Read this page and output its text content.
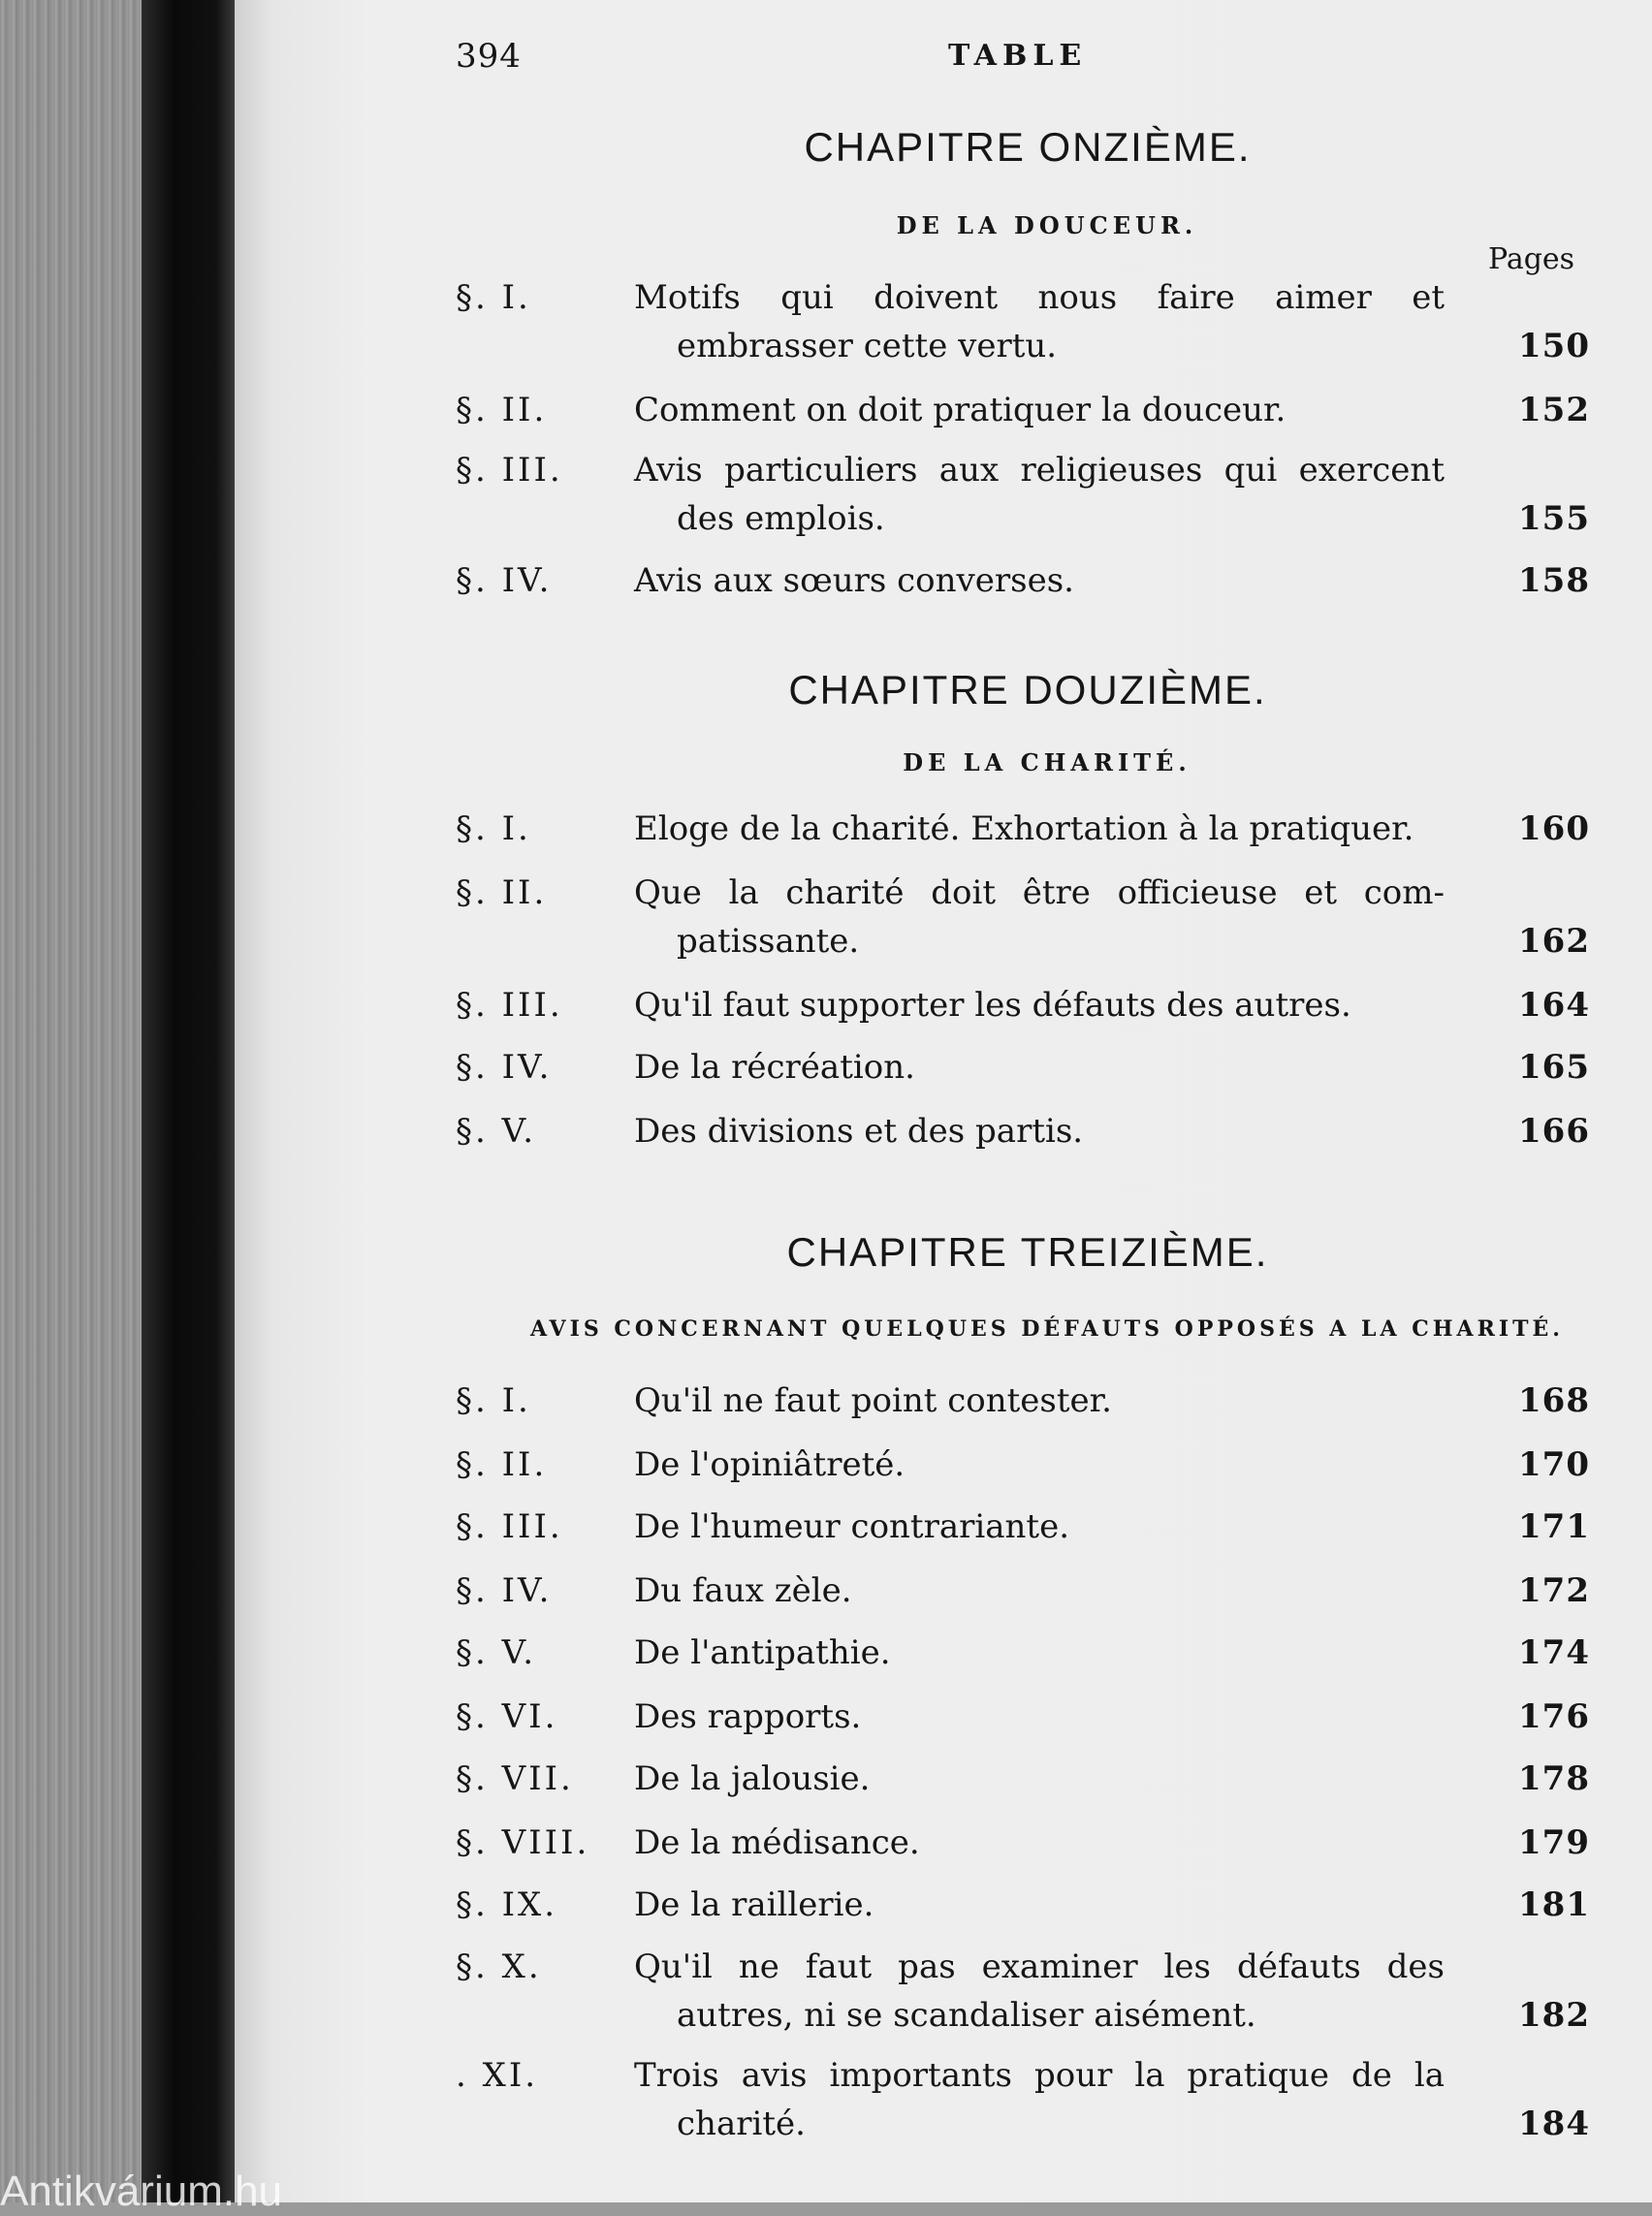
394	TABLE
CHAPITRE ONZIÈME.
DE LA DOUCEUR.
Pages
§. I.	Motifs qui doivent nous faire aimer et
embrasser cette vertu.	150
§. II.	Comment on doit pratiquer la douceur.	152
§. III.	Avis particuliers aux religieuses qui exercent
des emplois.	155
§. IV.	Avis aux sœurs converses.	158
CHAPITRE DOUZIÈME.
DE LA CHARITÉ.
§. I.	Eloge de la charité. Exhortation à la pratiquer.	160
§. II.	Que la charité doit être officieuse et com-
patissante.	162
§. III.	Qu'il faut supporter les défauts des autres.	164
§. IV.	De la récréation.	165
§. V.	Des divisions et des partis.	166
CHAPITRE TREIZIÈME.
AVIS CONCERNANT QUELQUES DÉFAUTS OPPOSÉS A LA CHARITÉ.
§. I.	Qu'il ne faut point contester.	168
§. II.	De l'opiniâtreté.	170
§. III.	De l'humeur contrariante.	171
§. IV.	Du faux zèle.	172
§. V.	De l'antipathie.	174
§. VI.	Des rapports.	176
§. VII.	De la jalousie.	178
§. VIII.	De la médisance.	179
§. IX.	De la raillerie.	181
§. X.	Qu'il ne faut pas examiner les défauts des
autres, ni se scandaliser aisément.	182
. XI.	Trois avis importants pour la pratique de la
charité.	184
Antikvárium.hu
